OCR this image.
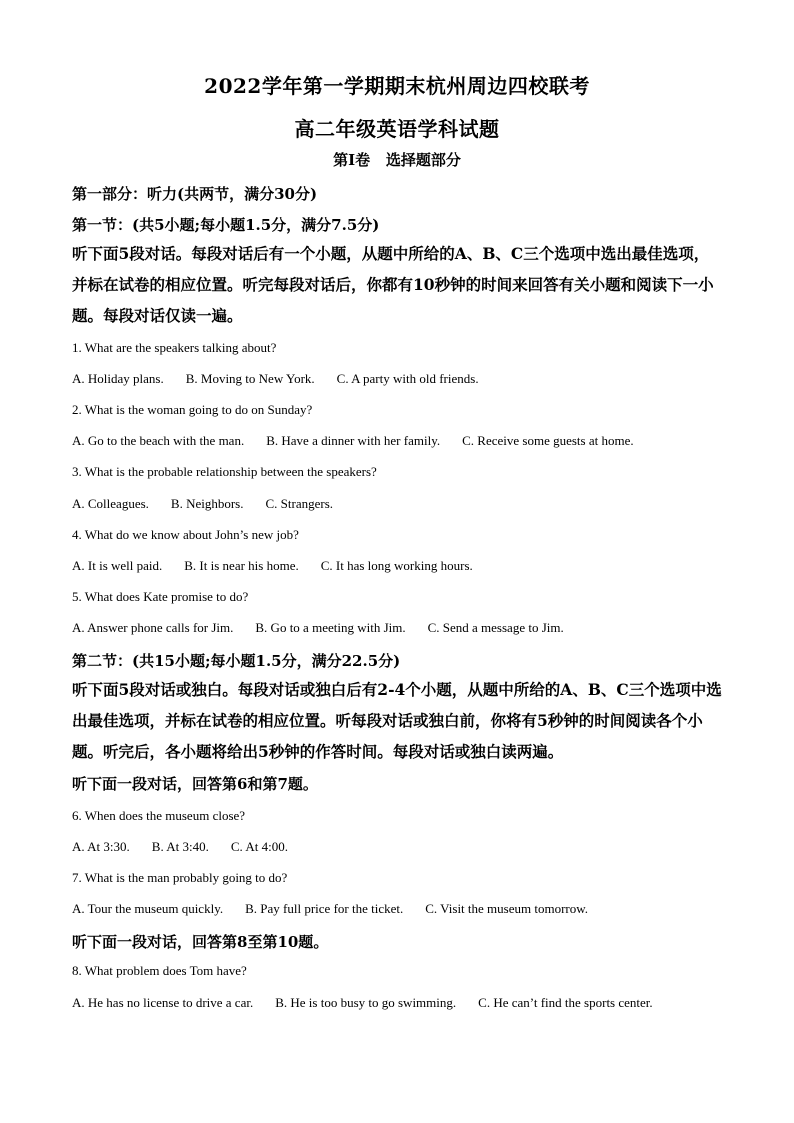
2022学年第一学期期末杭州周边四校联考
高二年级英语学科试题
第Ⅰ卷   选择题部分
第一部分：听力(共两节，满分30分)
第一节：(共5小题;每小题1.5分，满分7.5分)
听下面5段对话。每段对话后有一个小题，从题中所给的A、B、C三个选项中选出最佳选项，并标在试卷的相应位置。听完每段对话后，你都有10秒钟的时间来回答有关小题和阅读下一小题。每段对话仅读一遍。
1. What are the speakers talking about?
A. Holiday plans. B. Moving to New York. C. A party with old friends.
2. What is the woman going to do on Sunday?
A. Go to the beach with the man. B. Have a dinner with her family. C. Receive some guests at home.
3. What is the probable relationship between the speakers?
A. Colleagues. B. Neighbors. C. Strangers.
4. What do we know about John’s new job?
A. It is well paid. B. It is near his home. C. It has long working hours.
5. What does Kate promise to do?
A. Answer phone calls for Jim. B. Go to a meeting with Jim. C. Send a message to Jim.
第二节：(共15小题;每小题1.5分，满分22.5分)
听下面5段对话或独白。每段对话或独白后有2-4个小题，从题中所给的A、B、C三个选项中选出最佳选项，并标在试卷的相应位置。听每段对话或独白前，你将有5秒钟的时间阅读各个小题。听完后，各小题将给出5秒钟的作答时间。每段对话或独白读两遍。
听下面一段对话，回答第6和第7题。
6. When does the museum close?
A. At 3:30. B. At 3:40. C. At 4:00.
7. What is the man probably going to do?
A. Tour the museum quickly. B. Pay full price for the ticket. C. Visit the museum tomorrow.
听下面一段对话，回答第8至第10题。
8. What problem does Tom have?
A. He has no license to drive a car. B. He is too busy to go swimming. C. He can’t find the sports center.
